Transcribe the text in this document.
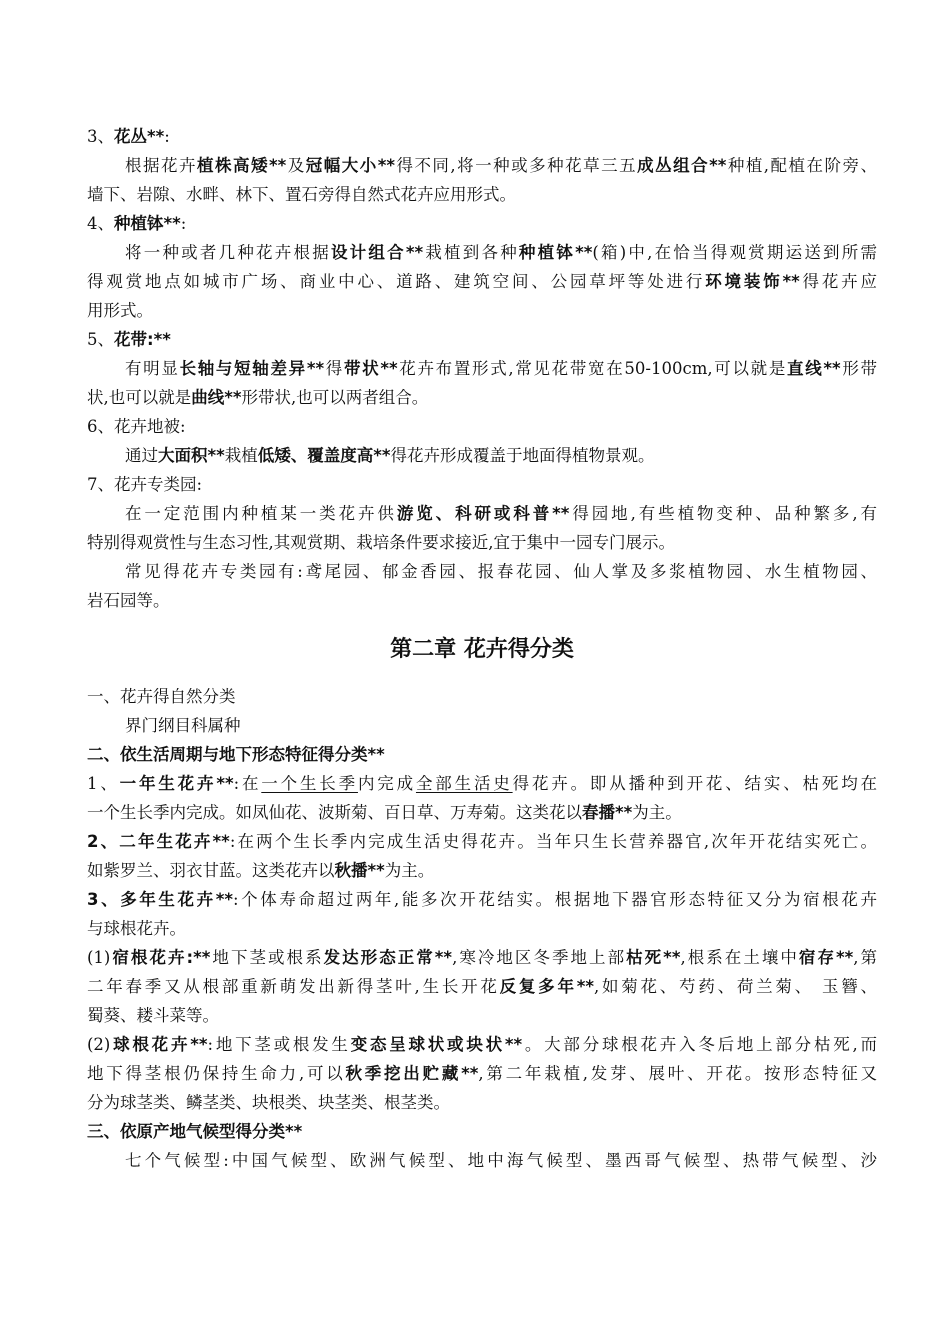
3、花丛**:
根据花卉植株高矮**及冠幅大小**得不同,将一种或多种花草三五成丛组合**种植,配植在阶旁、
墙下、岩隙、水畔、林下、置石旁得自然式花卉应用形式。
4、种植钵**:
将一种或者几种花卉根据设计组合**栽植到各种种植钵**(箱)中,在恰当得观赏期运送到所需
得观赏地点如城市广场、商业中心、道路、建筑空间、公园草坪等处进行环境装饰**得花卉应
用形式。
5、花带:**
有明显长轴与短轴差异**得带状**花卉布置形式,常见花带宽在50-100cm,可以就是直线**形带
状,也可以就是曲线**形带状,也可以两者组合。
6、花卉地被:
通过大面积**栽植低矮、覆盖度高**得花卉形成覆盖于地面得植物景观。
7、花卉专类园:
在一定范围内种植某一类花卉供游览、科研或科普**得园地,有些植物变种、品种繁多,有
特别得观赏性与生态习性,其观赏期、栽培条件要求接近,宜于集中一园专门展示。
常见得花卉专类园有:鸢尾园、郁金香园、报春花园、仙人掌及多浆植物园、水生植物园、
岩石园等。
第二章 花卉得分类
一、花卉得自然分类
界门纲目科属种
二、依生活周期与地下形态特征得分类**
1、一年生花卉**:在一个生长季内完成全部生活史得花卉。即从播种到开花、结实、枯死均在
一个生长季内完成。如凤仙花、波斯菊、百日草、万寿菊。这类花以春播**为主。
2、二年生花卉**:在两个生长季内完成生活史得花卉。当年只生长营养器官,次年开花结实死亡。
如紫罗兰、羽衣甘蓝。这类花卉以秋播**为主。
3、多年生花卉**:个体寿命超过两年,能多次开花结实。根据地下器官形态特征又分为宿根花卉
与球根花卉。
(1)宿根花卉:**地下茎或根系发达形态正常**,寒冷地区冬季地上部枯死**,根系在土壤中宿存**,第
二年春季又从根部重新萌发出新得茎叶,生长开花反复多年**,如菊花、芍药、荷兰菊、 玉簪、
蜀葵、耧斗菜等。
(2)球根花卉**:地下茎或根发生变态呈球状或块状**。大部分球根花卉入冬后地上部分枯死,而
地下得茎根仍保持生命力,可以秋季挖出贮藏**,第二年栽植,发芽、展叶、开花。按形态特征又
分为球茎类、鳞茎类、块根类、块茎类、根茎类。
三、依原产地气候型得分类**
七个气候型:中国气候型、欧洲气候型、地中海气候型、墨西哥气候型、热带气候型、沙
